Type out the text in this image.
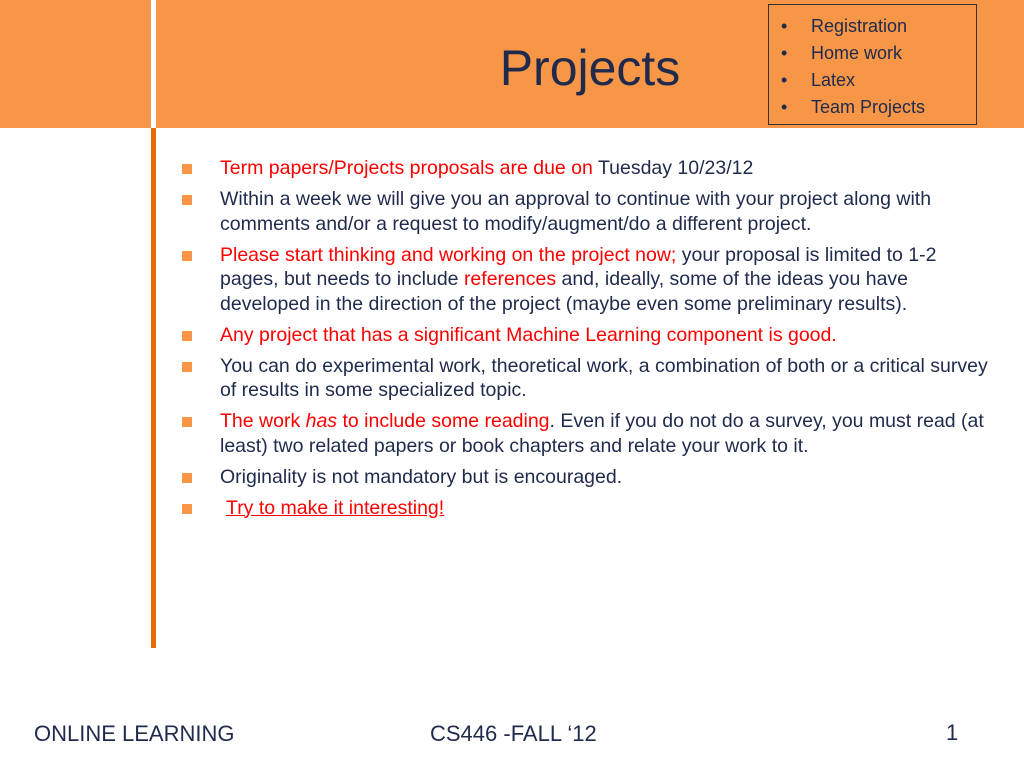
Projects
• Registration
• Home work
• Latex
• Team Projects
Term papers/Projects proposals are due on Tuesday 10/23/12
Within a week we will give you an approval to continue with your project along with comments and/or a request to modify/augment/do a different project.
Please start thinking and working on the project now; your proposal is limited to 1-2 pages, but needs to include references and, ideally, some of the ideas you have developed in the direction of the project (maybe even some preliminary results).
Any project that has a significant Machine Learning component is good.
You can do experimental work, theoretical work, a combination of both or a critical survey of results in some specialized topic.
The work has to include some reading. Even if you do not do a survey, you must read (at least) two related papers or book chapters and relate your work to it.
Originality is not mandatory but is encouraged.
Try to make it interesting!
ONLINE LEARNING	CS446 -FALL ‘12	1
